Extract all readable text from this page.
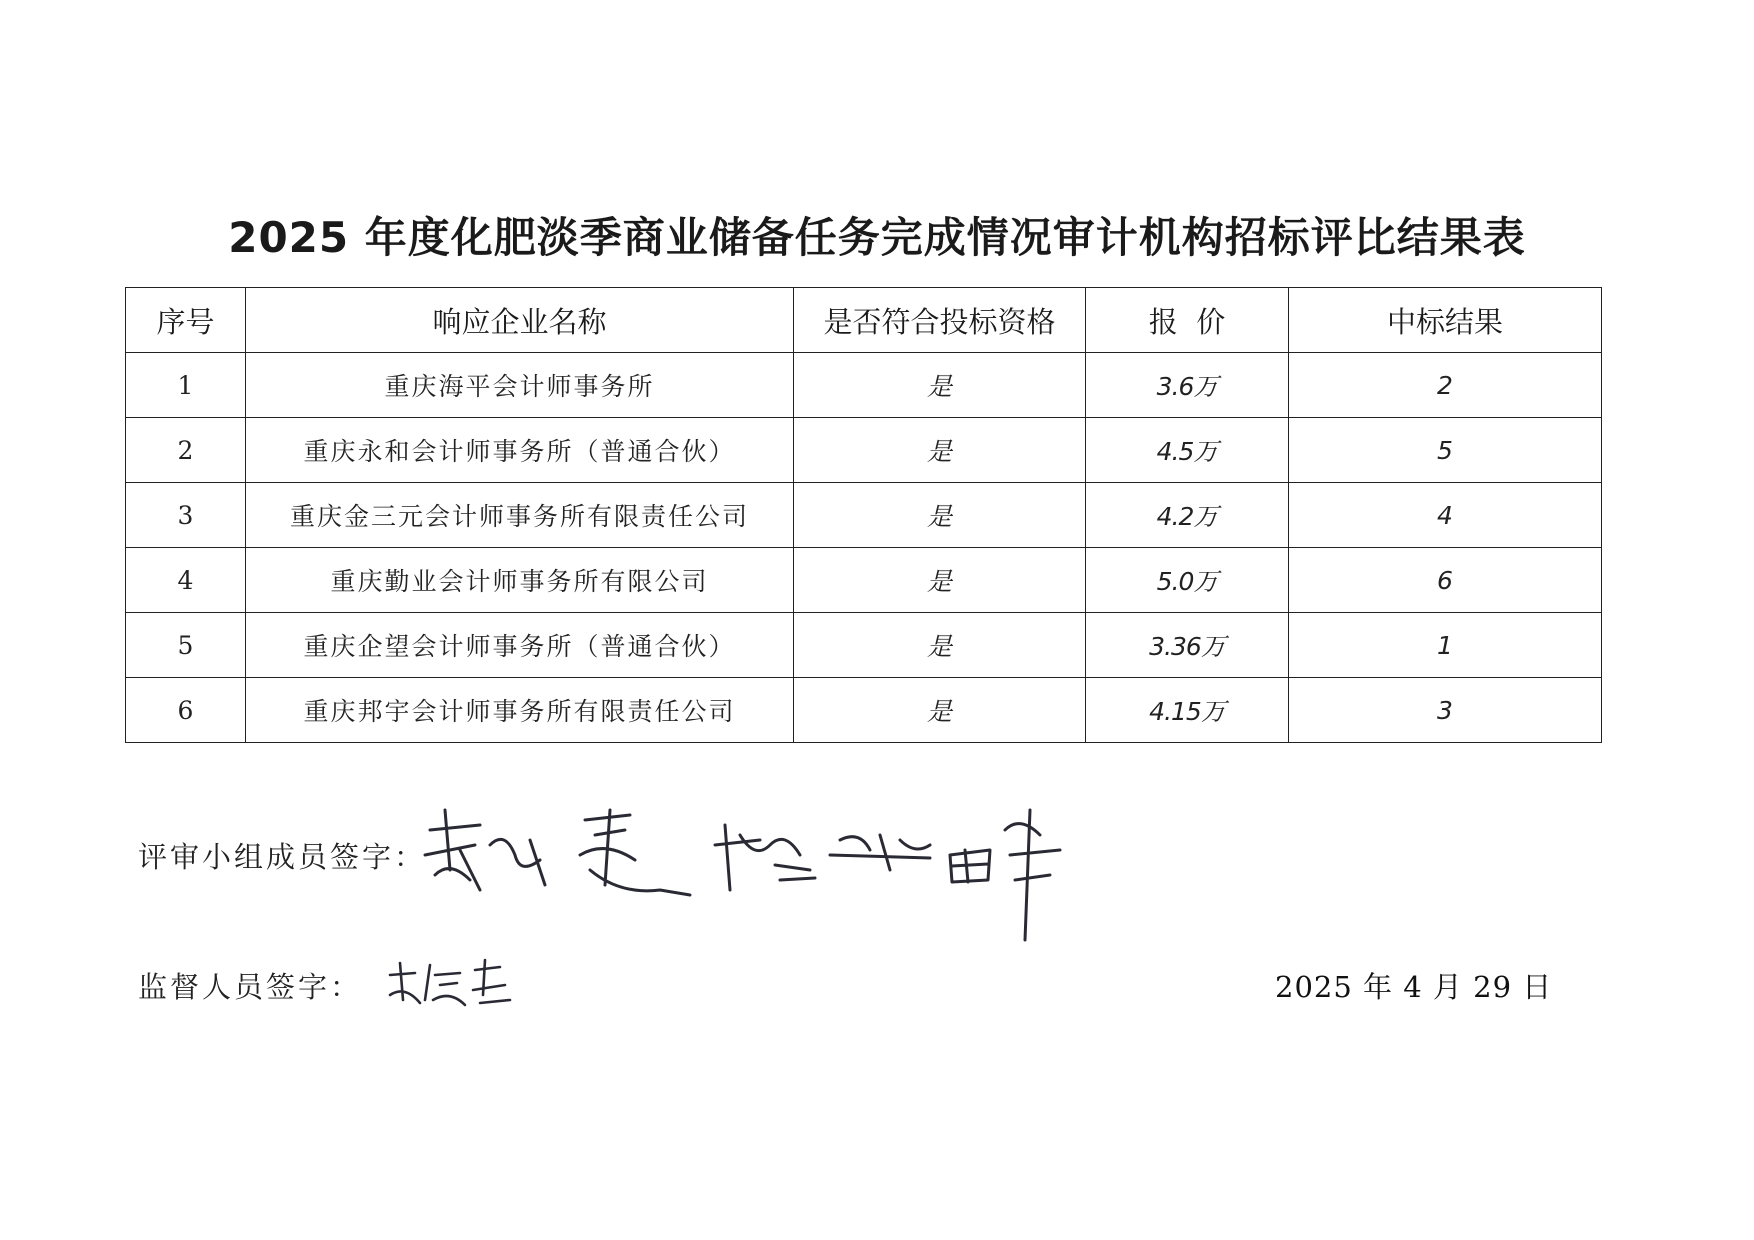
2025 年度化肥淡季商业储备任务完成情况审计机构招标评比结果表
序号	响应企业名称	是否符合投标资格	报  价	中标结果
1	重庆海平会计师事务所	是	3.6万	2
2	重庆永和会计师事务所（普通合伙）	是	4.5万	5
3	重庆金三元会计师事务所有限责任公司	是	4.2万	4
4	重庆勤业会计师事务所有限公司	是	5.0万	6
5	重庆企望会计师事务所（普通合伙）	是	3.36万	1
6	重庆邦宇会计师事务所有限责任公司	是	4.15万	3
评审小组成员签字：
监督人员签字：	2025 年 4 月 29 日
